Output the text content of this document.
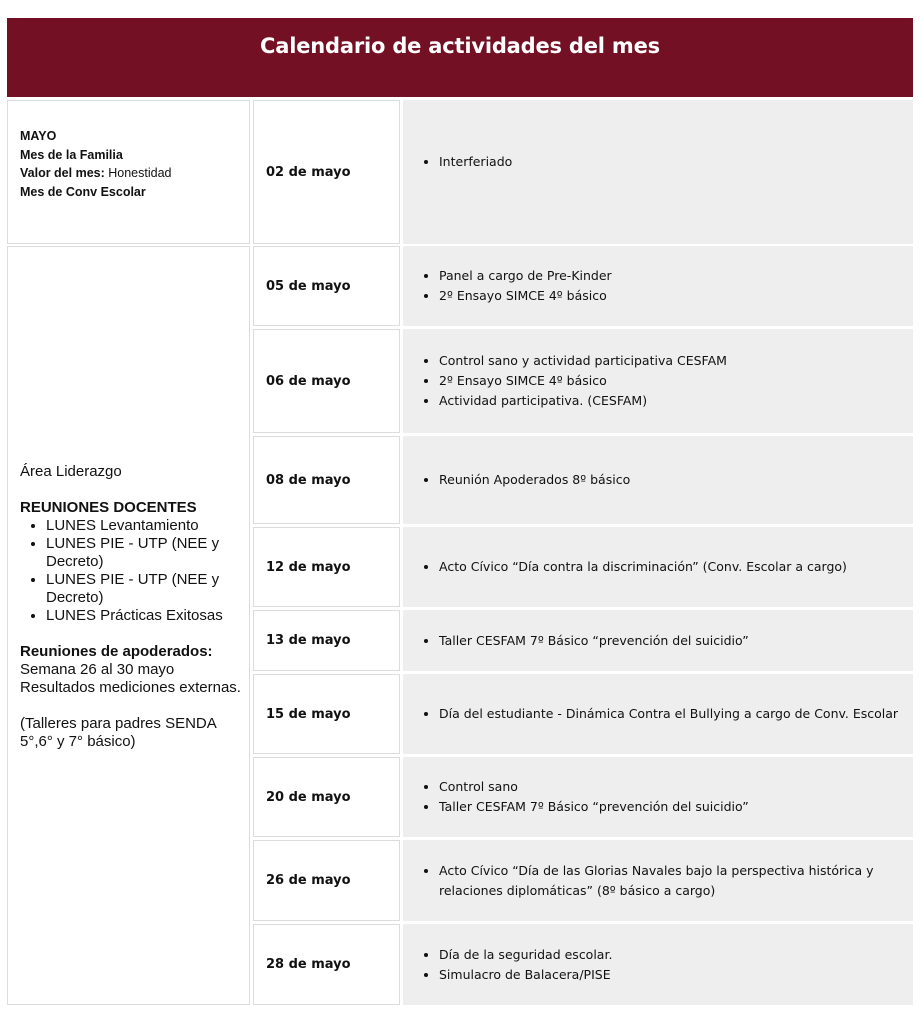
Calendario de actividades del mes
MAYO
Mes de la Familia
Valor del mes: Honestidad
Mes de Conv Escolar

Área Liderazgo

REUNIONES DOCENTES

• LUNES Levantamiento
• LUNES PIE - UTP (NEE y Decreto)
• LUNES PIE - UTP (NEE y Decreto)
• LUNES Prácticas Exitosas

Reuniones de apoderados:

Semana 26 al 30 mayo

Resultados mediciones externas.

(Talleres para padres SENDA 5°,6° y 7° básico)

02 de mayo
• Interferiado
05 de mayo
• Panel a cargo de Pre-Kinder
• 2º Ensayo SIMCE 4º básico
06 de mayo
• Control sano y actividad participativa CESFAM
• 2º Ensayo SIMCE 4º básico
• Actividad participativa. (CESFAM)
08 de mayo	• Reunión Apoderados 8º básico
12 de mayo	• Acto Cívico “Día contra la discriminación” (Conv. Escolar a cargo)
13 de mayo	• Taller CESFAM 7º Básico “prevención del suicidio”
15 de mayo	• Día del estudiante - Dinámica Contra el Bullying a cargo de Conv. Escolar
20 de mayo
• Control sano
• Taller CESFAM 7º Básico “prevención del suicidio”
26 de mayo
• Acto Cívico “Día de las Glorias Navales bajo la perspectiva histórica y relaciones diplomáticas” (8º básico a cargo)
28 de mayo
• Día de la seguridad escolar.
• Simulacro de Balacera/PISE
